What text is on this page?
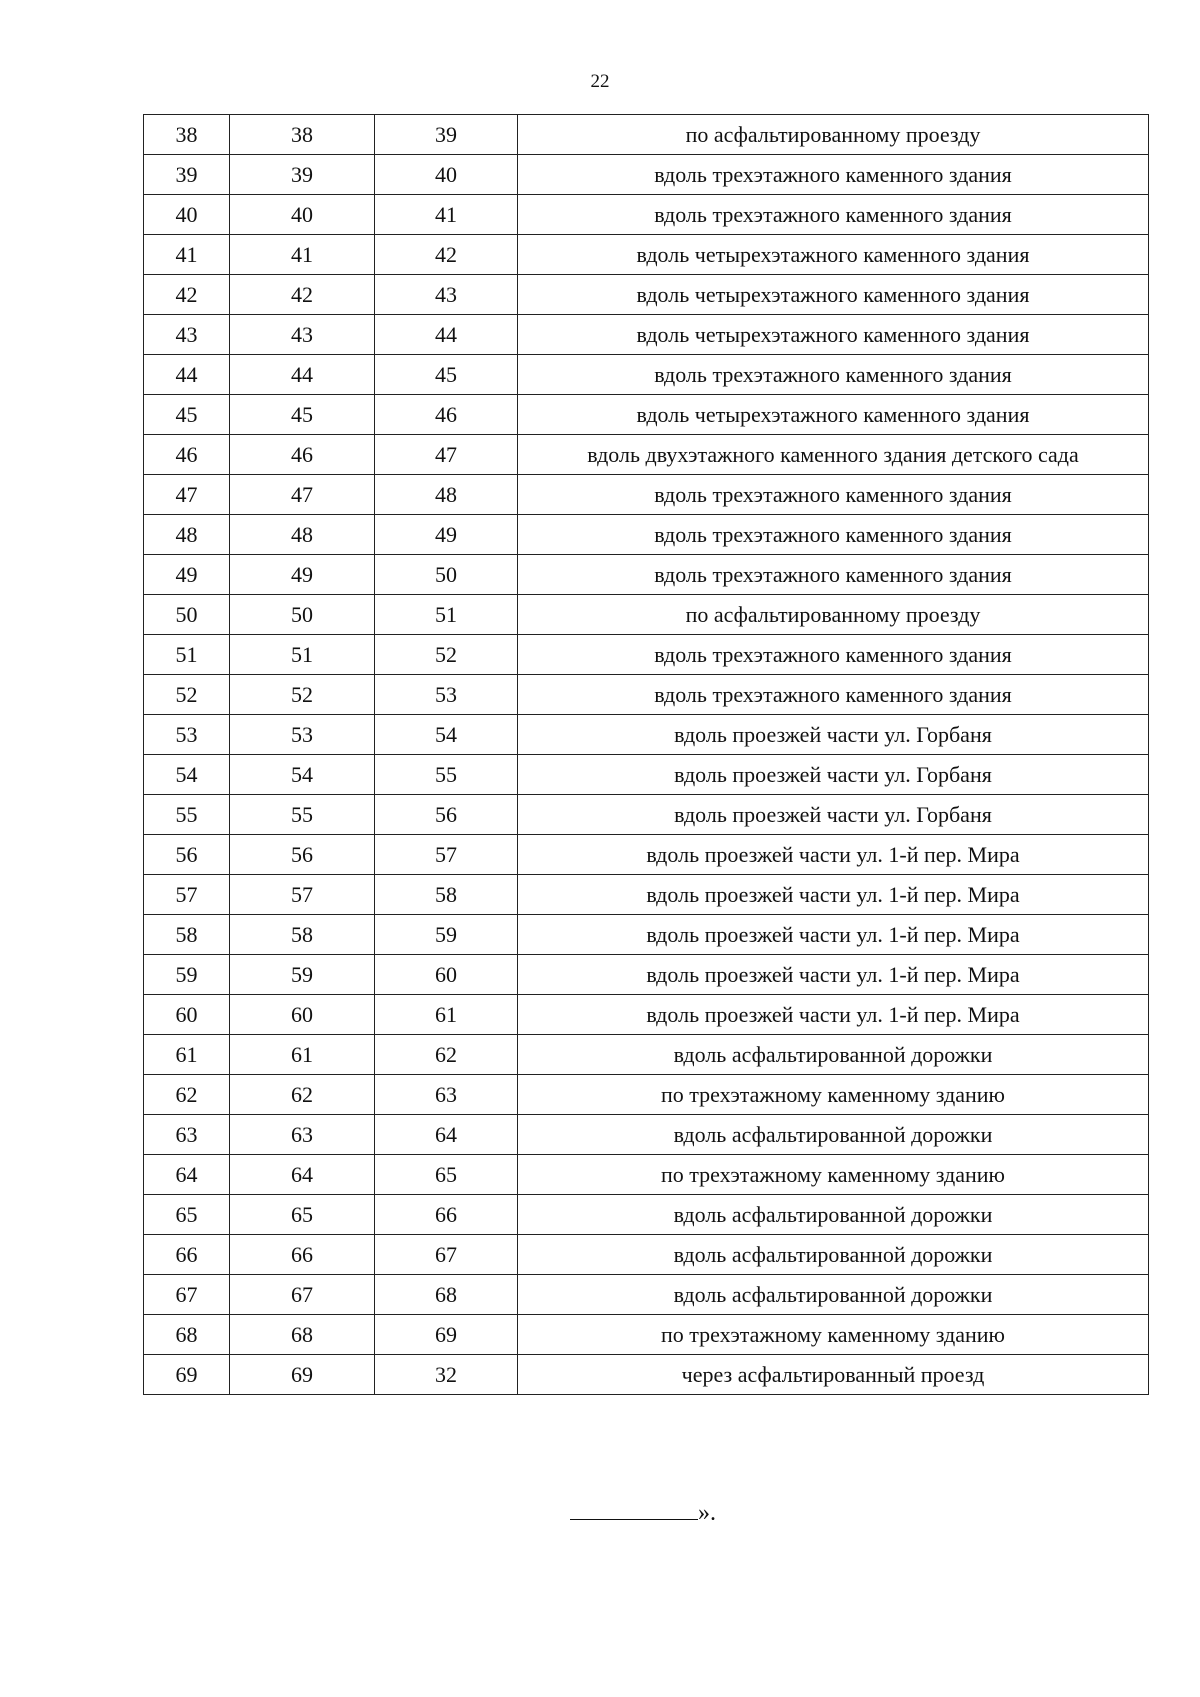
22
38	38	39	по асфальтированному проезду
39	39	40	вдоль трехэтажного каменного здания
40	40	41	вдоль трехэтажного каменного здания
41	41	42	вдоль четырехэтажного каменного здания
42	42	43	вдоль четырехэтажного каменного здания
43	43	44	вдоль четырехэтажного каменного здания
44	44	45	вдоль трехэтажного каменного здания
45	45	46	вдоль четырехэтажного каменного здания
46	46	47	вдоль двухэтажного каменного здания детского сада
47	47	48	вдоль трехэтажного каменного здания
48	48	49	вдоль трехэтажного каменного здания
49	49	50	вдоль трехэтажного каменного здания
50	50	51	по асфальтированному проезду
51	51	52	вдоль трехэтажного каменного здания
52	52	53	вдоль трехэтажного каменного здания
53	53	54	вдоль проезжей части ул. Горбаня
54	54	55	вдоль проезжей части ул. Горбаня
55	55	56	вдоль проезжей части ул. Горбаня
56	56	57	вдоль проезжей части ул. 1-й пер. Мира
57	57	58	вдоль проезжей части ул. 1-й пер. Мира
58	58	59	вдоль проезжей части ул. 1-й пер. Мира
59	59	60	вдоль проезжей части ул. 1-й пер. Мира
60	60	61	вдоль проезжей части ул. 1-й пер. Мира
61	61	62	вдоль асфальтированной дорожки
62	62	63	по трехэтажному каменному зданию
63	63	64	вдоль асфальтированной дорожки
64	64	65	по трехэтажному каменному зданию
65	65	66	вдоль асфальтированной дорожки
66	66	67	вдоль асфальтированной дорожки
67	67	68	вдоль асфальтированной дорожки
68	68	69	по трехэтажному каменному зданию
69	69	32	через асфальтированный проезд
».
